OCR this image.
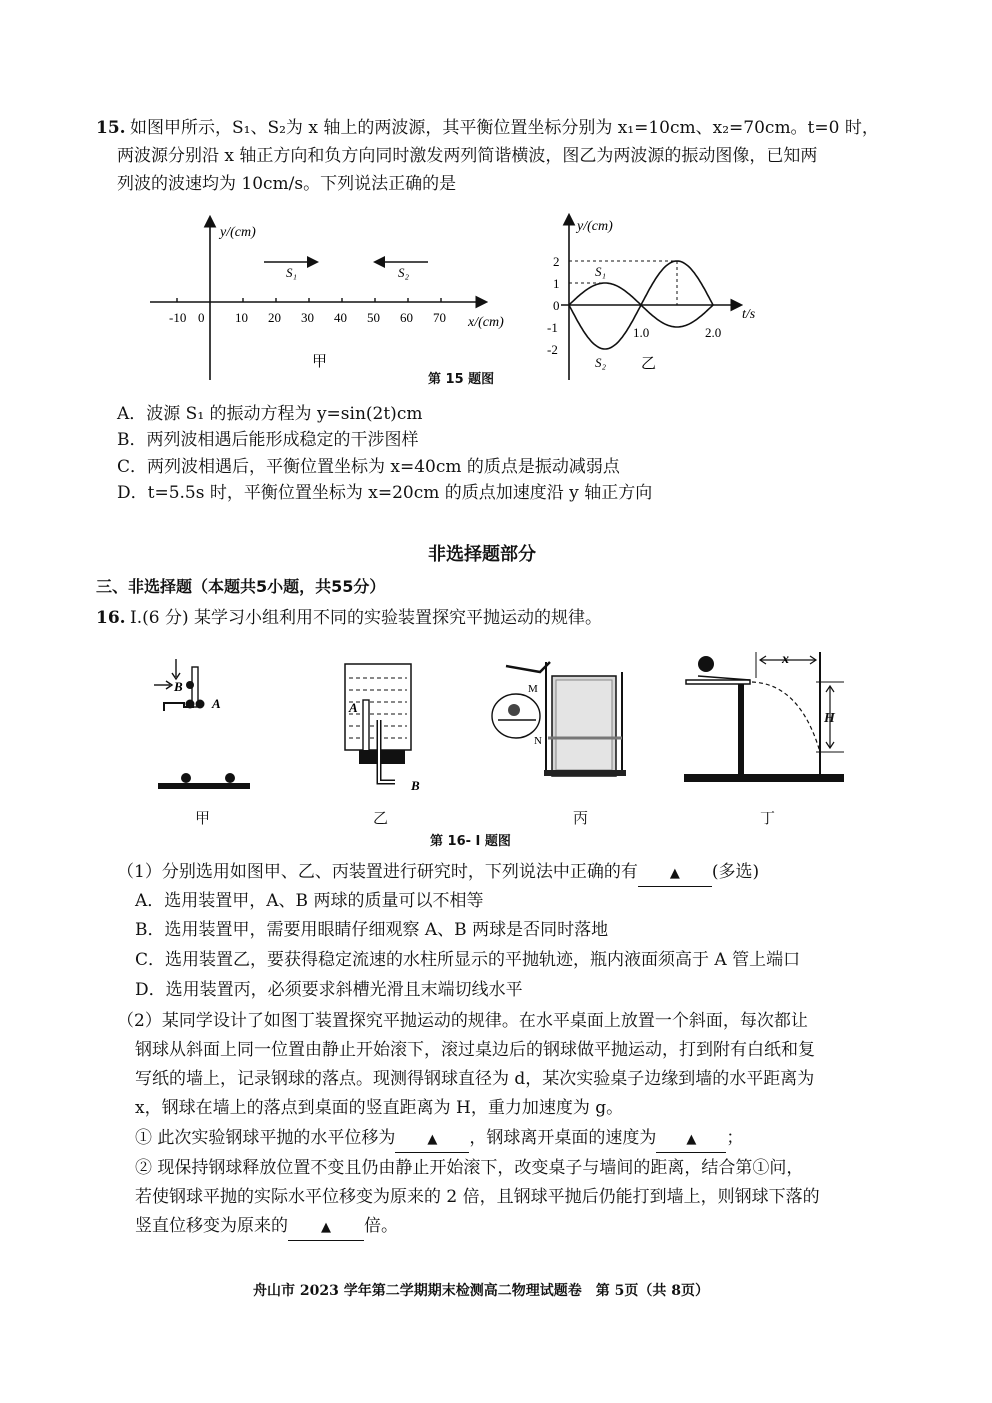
15. 如图甲所示，S₁、S₂为 x 轴上的两波源，其平衡位置坐标分别为 x₁=10cm、x₂=70cm。t=0 时，
两波源分别沿 x 轴正方向和负方向同时激发两列简谐横波，图乙为两波源的振动图像，已知两
列波的波速均为 10cm/s。下列说法正确的是
-10 0 10 20 30 40 50 60 70
y/(cm)
x/(cm)
S₁	S₂
甲
y/(cm)
t/s
2
1
0
-1
-2
1.0	2.0
S₁
S₂ 乙
第 15 题图
A．波源 S₁ 的振动方程为 y=sin(2t)cm
B．两列波相遇后能形成稳定的干涉图样
C．两列波相遇后，平衡位置坐标为 x=40cm 的质点是振动减弱点
D．t=5.5s 时，平衡位置坐标为 x=20cm 的质点加速度沿 y 轴正方向
非选择题部分
三、非选择题（本题共5小题，共55分）
16. I.(6 分) 某学习小组利用不同的实验装置探究平抛运动的规律。
B
A	A
B
M
N
x
H
甲	乙	丙	丁
第 16- I 题图
（1）分别选用如图甲、乙、丙装置进行研究时，下列说法中正确的有 ▲ (多选)
A．选用装置甲，A、B 两球的质量可以不相等
B．选用装置甲，需要用眼睛仔细观察 A、B 两球是否同时落地
C．选用装置乙，要获得稳定流速的水柱所显示的平抛轨迹，瓶内液面须高于 A 管上端口
D．选用装置丙，必须要求斜槽光滑且末端切线水平
（2）某同学设计了如图丁装置探究平抛运动的规律。在水平桌面上放置一个斜面，每次都让
钢球从斜面上同一位置由静止开始滚下，滚过桌边后的钢球做平抛运动，打到附有白纸和复
写纸的墙上，记录钢球的落点。现测得钢球直径为 d，某次实验桌子边缘到墙的水平距离为
x，钢球在墙上的落点到桌面的竖直距离为 H，重力加速度为 g。
① 此次实验钢球平抛的水平位移为 ▲ ，钢球离开桌面的速度为 ▲ ；
② 现保持钢球释放位置不变且仍由静止开始滚下，改变桌子与墙间的距离，结合第①问，
若使钢球平抛的实际水平位移变为原来的 2 倍，且钢球平抛后仍能打到墙上，则钢球下落的
竖直位移变为原来的	▲ 倍。
舟山市 2023 学年第二学期期末检测高二物理试题卷　第 5页（共 8页）
